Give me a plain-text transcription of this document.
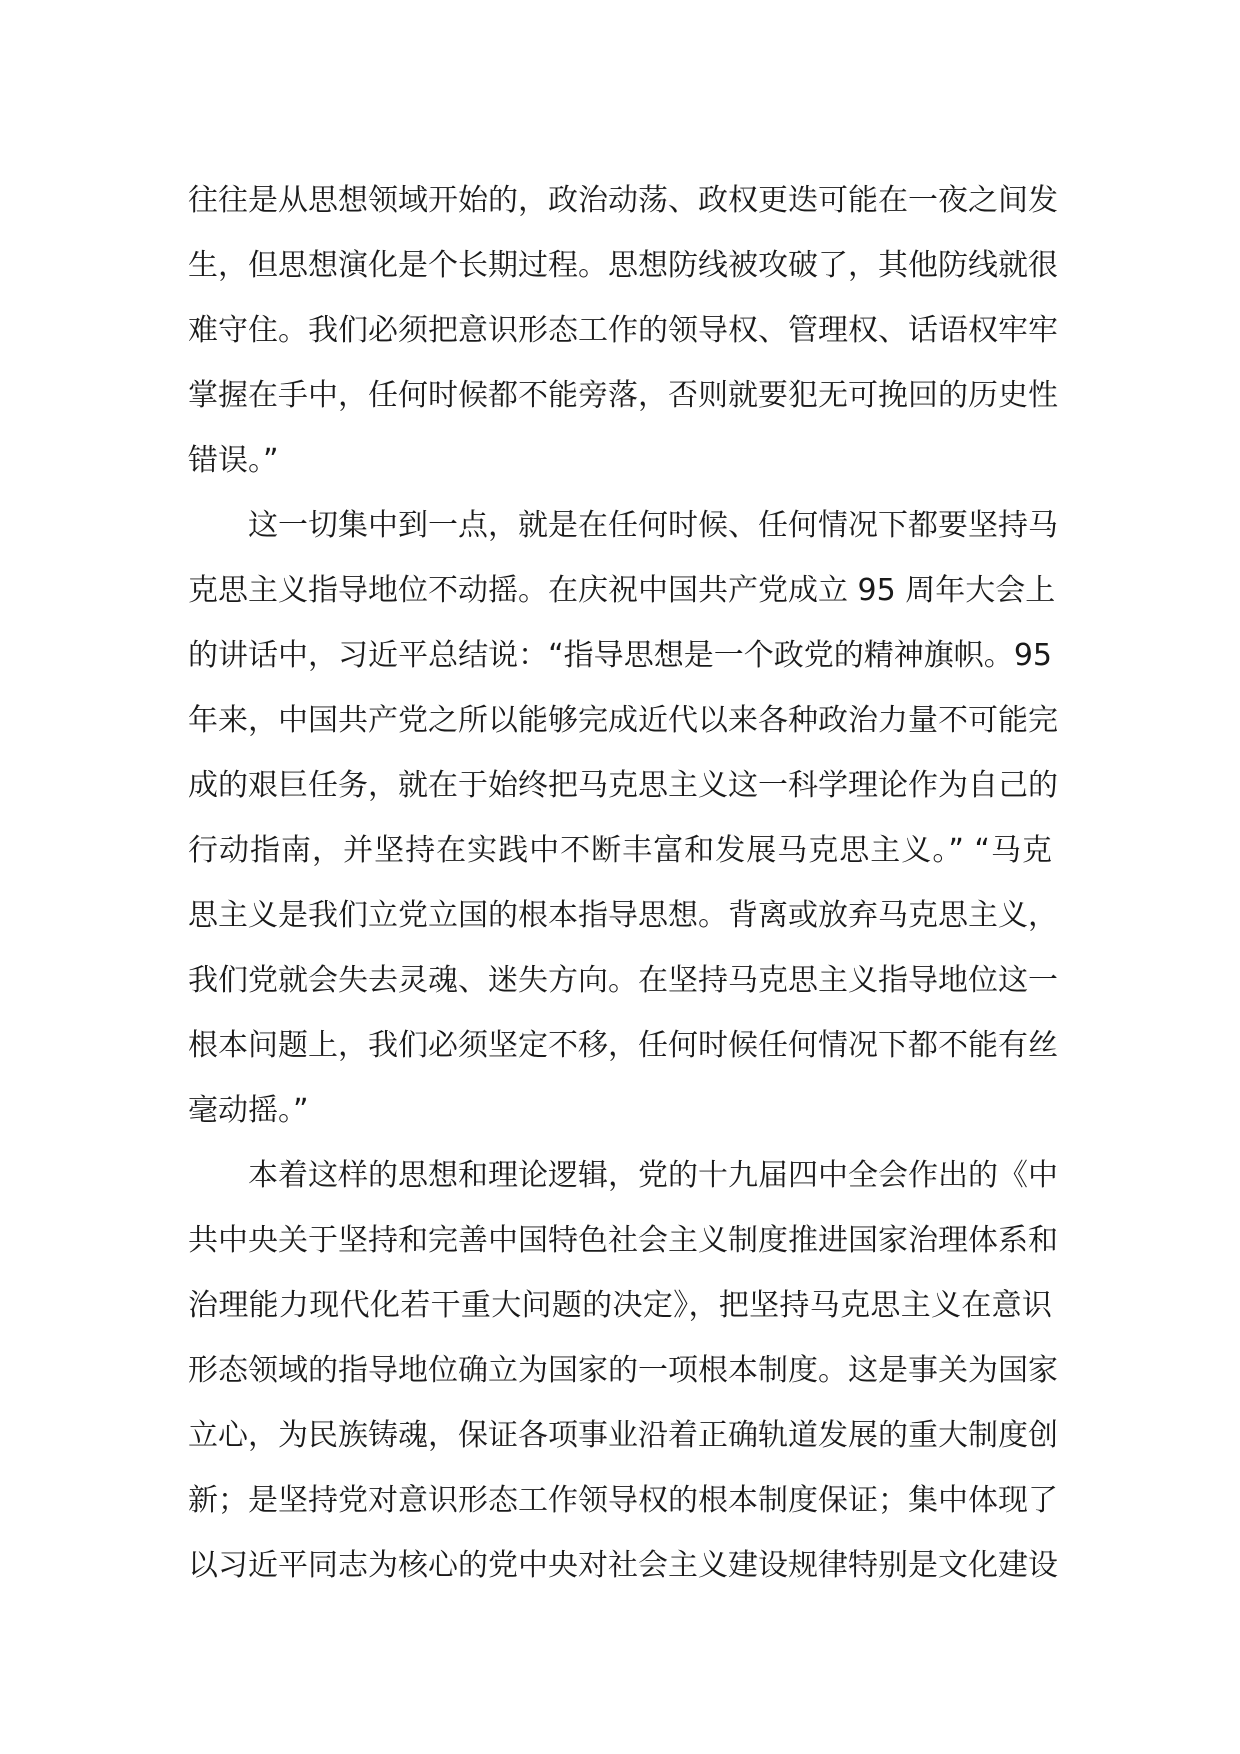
往往是从思想领域开始的，政治动荡、政权更迭可能在一夜之间发
生，但思想演化是个长期过程。思想防线被攻破了，其他防线就很
难守住。我们必须把意识形态工作的领导权、管理权、话语权牢牢
掌握在手中，任何时候都不能旁落，否则就要犯无可挽回的历史性
错误。”
这一切集中到一点，就是在任何时候、任何情况下都要坚持马
克思主义指导地位不动摇。在庆祝中国共产党成立 95 周年大会上
的讲话中，习近平总结说：“指导思想是一个政党的精神旗帜。95
年来，中国共产党之所以能够完成近代以来各种政治力量不可能完
成的艰巨任务，就在于始终把马克思主义这一科学理论作为自己的
行动指南，并坚持在实践中不断丰富和发展马克思主义。” “马克
思主义是我们立党立国的根本指导思想。背离或放弃马克思主义，
我们党就会失去灵魂、迷失方向。在坚持马克思主义指导地位这一
根本问题上，我们必须坚定不移，任何时候任何情况下都不能有丝
毫动摇。”
本着这样的思想和理论逻辑，党的十九届四中全会作出的《中
共中央关于坚持和完善中国特色社会主义制度推进国家治理体系和
治理能力现代化若干重大问题的决定》，把坚持马克思主义在意识
形态领域的指导地位确立为国家的一项根本制度。这是事关为国家
立心，为民族铸魂，保证各项事业沿着正确轨道发展的重大制度创
新；是坚持党对意识形态工作领导权的根本制度保证；集中体现了
以习近平同志为核心的党中央对社会主义建设规律特别是文化建设
